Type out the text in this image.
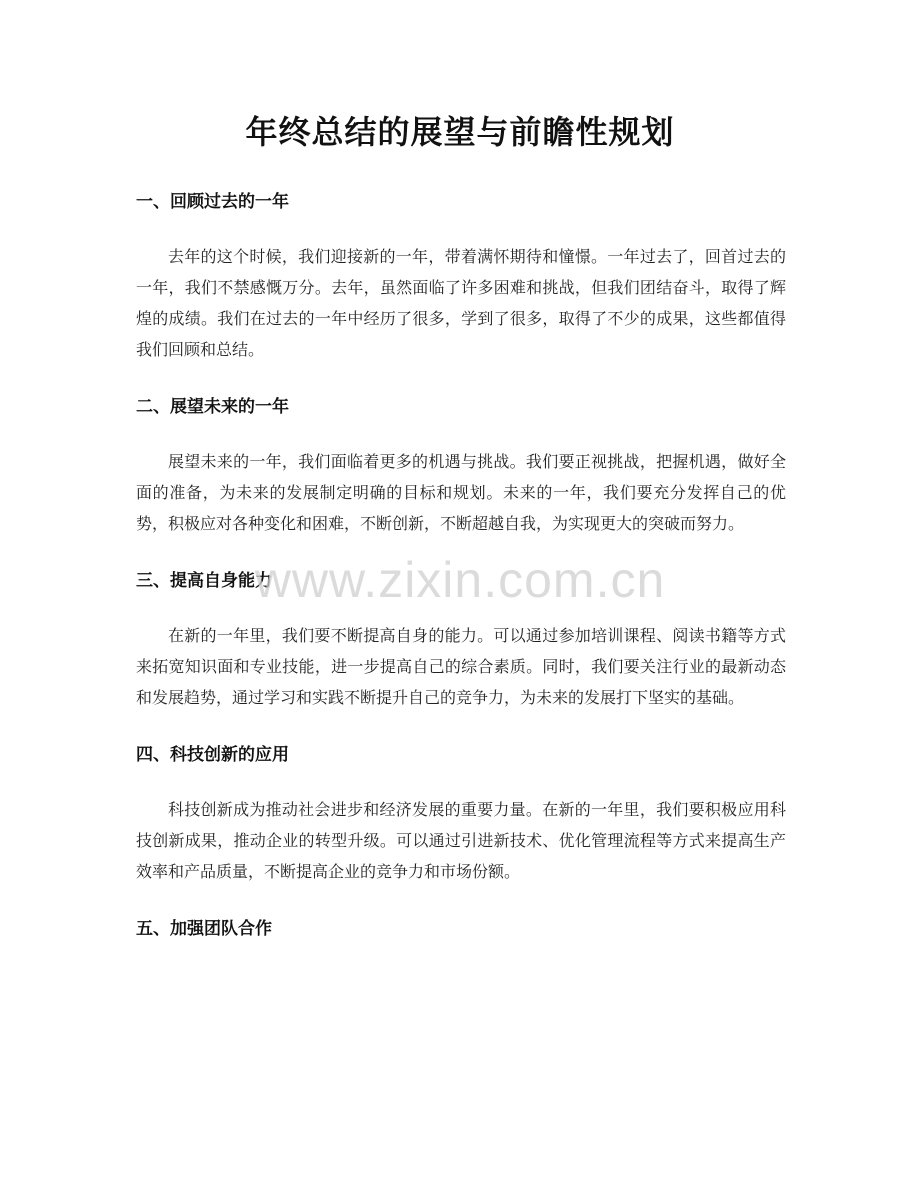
年终总结的展望与前瞻性规划
一、回顾过去的一年

去年的这个时候，我们迎接新的一年，带着满怀期待和憧憬。一年过去了，回首过去的一年，我们不禁感慨万分。去年，虽然面临了许多困难和挑战，但我们团结奋斗，取得了辉煌的成绩。我们在过去的一年中经历了很多，学到了很多，取得了不少的成果，这些都值得我们回顾和总结。

二、展望未来的一年

展望未来的一年，我们面临着更多的机遇与挑战。我们要正视挑战，把握机遇，做好全面的准备，为未来的发展制定明确的目标和规划。未来的一年，我们要充分发挥自己的优势，积极应对各种变化和困难，不断创新，不断超越自我，为实现更大的突破而努力。

三、提高自身能力

在新的一年里，我们要不断提高自身的能力。可以通过参加培训课程、阅读书籍等方式来拓宽知识面和专业技能，进一步提高自己的综合素质。同时，我们要关注行业的最新动态和发展趋势，通过学习和实践不断提升自己的竞争力，为未来的发展打下坚实的基础。

四、科技创新的应用

科技创新成为推动社会进步和经济发展的重要力量。在新的一年里，我们要积极应用科技创新成果，推动企业的转型升级。可以通过引进新技术、优化管理流程等方式来提高生产效率和产品质量，不断提高企业的竞争力和市场份额。

五、加强团队合作
www.zixin.com.cn
